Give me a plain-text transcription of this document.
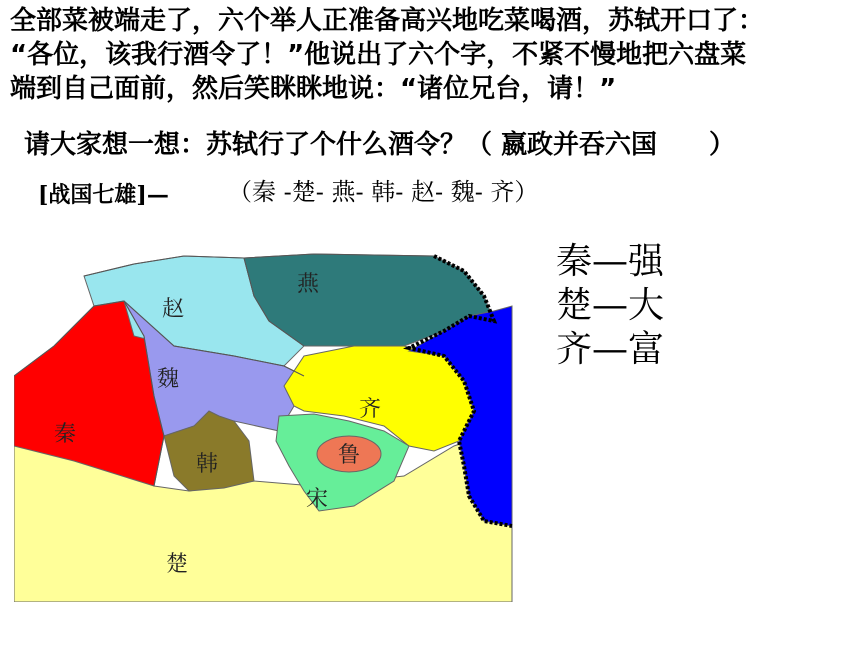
全部菜被端走了，六个举人正准备高兴地吃菜喝酒，苏轼开口了：
“各位，该我行酒令了！”他说出了六个字，不紧不慢地把六盘菜
端到自己面前，然后笑眯眯地说：“诸位兄台，请！”
请大家想一想：苏轼行了个什么酒令？（ 嬴政并吞六国　　）
[战国七雄]— （秦 -楚- 燕- 韩- 赵- 魏- 齐）
燕
赵
魏
秦
韩
齐
鲁
宋
楚
秦—强
楚—大
齐—富
